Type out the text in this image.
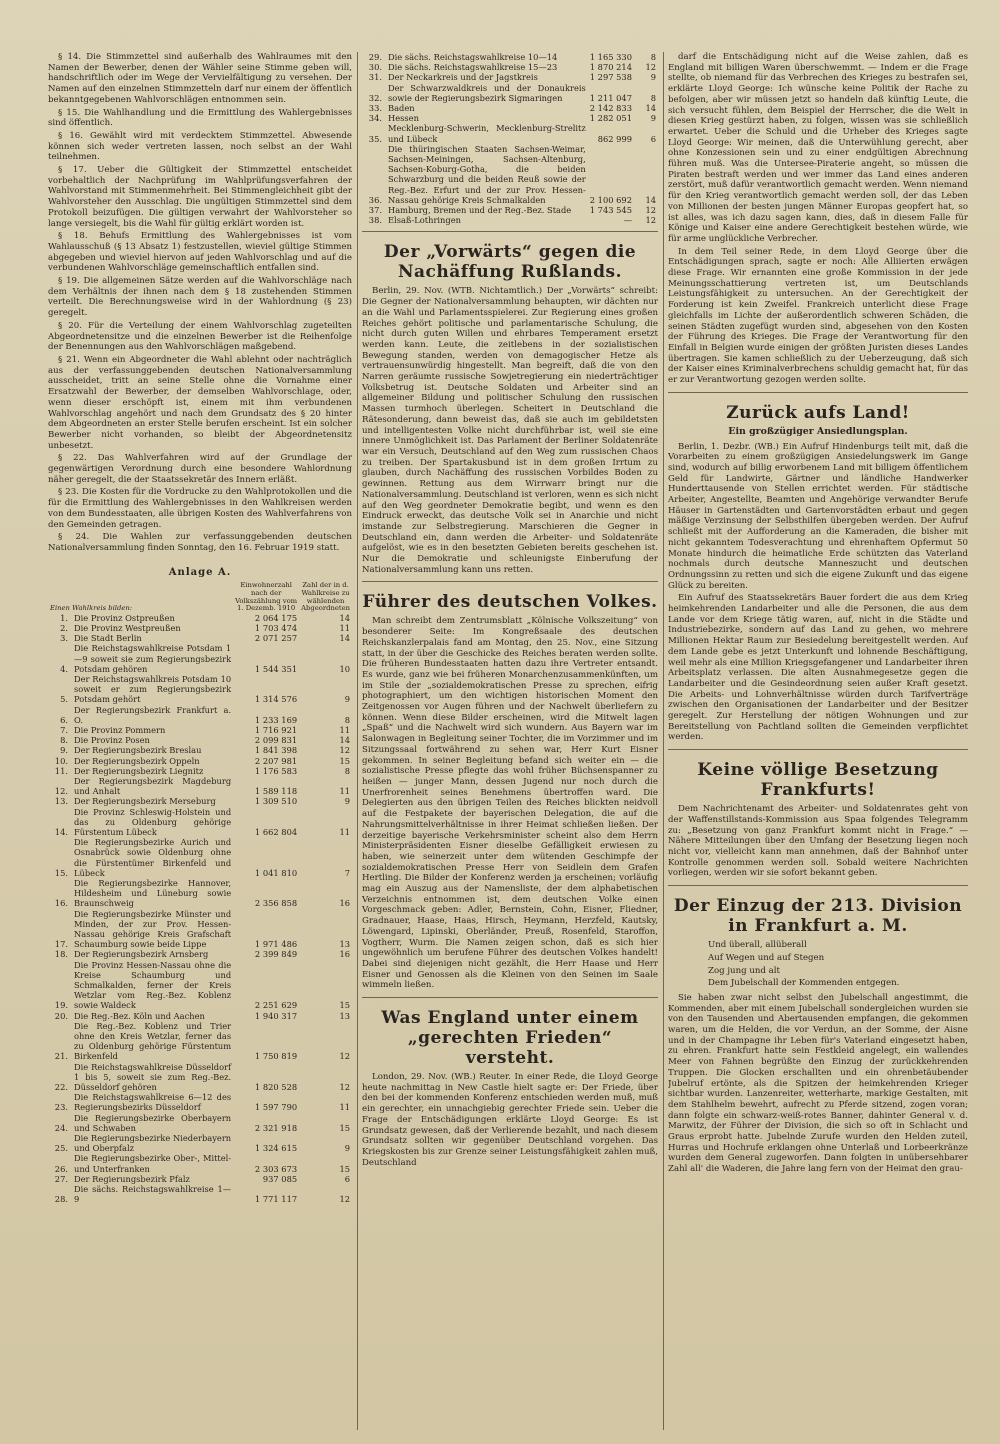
§ 14. Die Stimmzettel sind außerhalb des Wahlraumes mit den Namen der Bewerber, denen der Wähler seine Stimme geben will, handschriftlich oder im Wege der Vervielfältigung zu versehen. Der Namen auf den einzelnen Stimmzetteln darf nur einem der öffentlich bekanntgegebenen Wahlvorschlägen entnommen sein.

§ 15. Die Wahlhandlung und die Ermittlung des Wahlergebnisses sind öffentlich.

§ 16. Gewählt wird mit verdecktem Stimmzettel. Abwesende können sich weder vertreten lassen, noch selbst an der Wahl teilnehmen.

§ 17. Ueber die Gültigkeit der Stimmzettel entscheidet vorbehaltlich der Nachprüfung im Wahlprüfungsverfahren der Wahlvorstand mit Stimmenmehrheit. Bei Stimmengleichheit gibt der Wahlvorsteher den Ausschlag. Die ungültigen Stimmzettel sind dem Protokoll beizufügen. Die gültigen verwahrt der Wahlvorsteher so lange versiegelt, bis die Wahl für gültig erklärt worden ist.

§ 18. Behufs Ermittlung des Wahlergebnisses ist vom Wahlausschuß (§ 13 Absatz 1) festzustellen, wieviel gültige Stimmen abgegeben und wieviel hiervon auf jeden Wahlvorschlag und auf die verbundenen Wahlvorschläge gemeinschaftlich entfallen sind.

§ 19. Die allgemeinen Sätze werden auf die Wahlvorschläge nach dem Verhältnis der ihnen nach dem § 18 zustehenden Stimmen verteilt. Die Berechnungsweise wird in der Wahlordnung (§ 23) geregelt.

§ 20. Für die Verteilung der einem Wahlvorschlag zugeteilten Abgeordnetensitze und die einzelnen Bewerber ist die Reihenfolge der Benennungen aus den Wahlvorschlägen maßgebend.

§ 21. Wenn ein Abgeordneter die Wahl ablehnt oder nachträglich aus der verfassunggebenden deutschen Nationalversammlung ausscheidet, tritt an seine Stelle ohne die Vornahme einer Ersatzwahl der Bewerber, der demselben Wahlvorschlage, oder, wenn dieser erschöpft ist, einem mit ihm verbundenen Wahlvorschlag angehört und nach dem Grundsatz des § 20 hinter dem Abgeordneten an erster Stelle berufen erscheint. Ist ein solcher Bewerber nicht vorhanden, so bleibt der Abgeordnetensitz unbesetzt.

§ 22. Das Wahlverfahren wird auf der Grundlage der gegenwärtigen Verordnung durch eine besondere Wahlordnung näher geregelt, die der Staatssekretär des Innern erläßt.

§ 23. Die Kosten für die Vordrucke zu den Wahlprotokollen und die für die Ermittlung des Wahlergebnisses in den Wahlkreisen werden von dem Bundesstaaten, alle übrigen Kosten des Wahlverfahrens von den Gemeinden getragen.

§ 24. Die Wahlen zur verfassunggebenden deutschen Nationalversammlung finden Sonntag, den 16. Februar 1919 statt.

Anlage A.
Einen Wahlkreis bilden:		Einwohnerzahl nach der Volkszählung vom 1. Dezemb. 1910	Zahl der in d. Wahlkreise zu wählenden Abgeordneten
1.	Die Provinz Ostpreußen	2 064 175	14
2.	Die Provinz Westpreußen	1 703 474	11
3.	Die Stadt Berlin	2 071 257	14
4.	Die Reichstagswahlkreise Potsdam 1—9 soweit sie zum Regierungsbezirk Potsdam gehören	1 544 351	10
5.	Der Reichstagswahlkreis Potsdam 10 soweit er zum Regierungsbezirk Potsdam gehört	1 314 576	9
6.	Der Regierungsbezirk Frankfurt a. O.	1 233 169	8
7.	Die Provinz Pommern	1 716 921	11
8.	Die Provinz Posen	2 099 831	14
9.	Der Regierungsbezirk Breslau	1 841 398	12
10.	Der Regierungsbezirk Oppeln	2 207 981	15
11.	Der Regierungsbezirk Liegnitz	1 176 583	8
12.	Der Regierungsbezirk Magdeburg und Anhalt	1 589 118	11
13.	Der Regierungsbezirk Merseburg	1 309 510	9
14.	Die Provinz Schleswig-Holstein und das zu Oldenburg gehörige Fürstentum Lübeck	1 662 804	11
15.	Die Regierungsbezirke Aurich und Osnabrück sowie Oldenburg ohne die Fürstentümer Birkenfeld und Lübeck	1 041 810	7
16.	Die Regierungsbezirke Hannover, Hildesheim und Lüneburg sowie Braunschweig	2 356 858	16
17.	Die Regierungsbezirke Münster und Minden, der zur Prov. Hessen-Nassau gehörige Kreis Grafschaft Schaumburg sowie beide Lippe	1 971 486	13
18.	Der Regierungsbezirk Arnsberg	2 399 849	16
19.	Die Provinz Hessen-Nassau ohne die Kreise Schaumburg und Schmalkalden, ferner der Kreis Wetzlar vom Reg.-Bez. Koblenz sowie Waldeck	2 251 629	15
20.	Die Reg.-Bez. Köln und Aachen	1 940 317	13
21.	Die Reg.-Bez. Koblenz und Trier ohne den Kreis Wetzlar, ferner das zu Oldenburg gehörige Fürstentum Birkenfeld	1 750 819	12
22.	Die Reichstagswahlkreise Düsseldorf 1 bis 5, soweit sie zum Reg.-Bez. Düsseldorf gehören	1 820 528	12
23.	Die Reichstagswahlkreise 6—12 des Regierungsbezirks Düsseldorf	1 597 790	11
24.	Die Regierungsbezirke Oberbayern und Schwaben	2 321 918	15
25.	Die Regierungsbezirke Niederbayern und Oberpfalz	1 324 615	9
26.	Die Regierungsbezirke Ober-, Mittel- und Unterfranken	2 303 673	15
27.	Der Regierungsbezirk Pfalz	937 085	6
28.	Die sächs. Reichstagswahlkreise 1—9	1 771 117	12
29.	Die sächs. Reichstagswahlkreise 10—14	1 165 330	8
30.	Die sächs. Reichstagswahlkreise 15—23	1 870 214	12
31.	Der Neckarkreis und der Jagstkreis	1 297 538	9
32.	Der Schwarzwaldkreis und der Donaukreis sowie der Regierungsbezirk Sigmaringen	1 211 047	8
33.	Baden	2 142 833	14
34.	Hessen	1 282 051	9
35.	Mecklenburg-Schwerin, Mecklenburg-Strelitz und Lübeck	862 999	6
36.	Die thüringischen Staaten Sachsen-Weimar, Sachsen-Meiningen, Sachsen-Altenburg, Sachsen-Koburg-Gotha, die beiden Schwarzburg und die beiden Reuß sowie der Reg.-Bez. Erfurt und der zur Prov. Hessen-Nassau gehörige Kreis Schmalkalden	2 100 692	14
37.	Hamburg, Bremen und der Reg.-Bez. Stade	1 743 545	12
38.	Elsaß-Lothringen	—	12
Der „Vorwärts“ gegen die Nachäffung Rußlands.

Berlin, 29. Nov. (WTB. Nichtamtlich.) Der „Vorwärts“ schreibt: Die Gegner der Nationalversammlung behaupten, wir dächten nur an die Wahl und Parlamentsspielerei. Zur Regierung eines großen Reiches gehört politische und parlamentarische Schulung, die nicht durch guten Willen und ehrbares Temperament ersetzt werden kann. Leute, die zeitlebens in der sozialistischen Bewegung standen, werden von demagogischer Hetze als vertrauensunwürdig hingestellt. Man begreift, daß die von den Narren geräumte russische Sowjetregierung ein niederträchtiger Volksbetrug ist. Deutsche Soldaten und Arbeiter sind an allgemeiner Bildung und politischer Schulung den russischen Massen turmhoch überlegen. Scheitert in Deutschland die Rätesonderung, dann beweist das, daß sie auch im gebildetsten und intelligentesten Volke nicht durchführbar ist, weil sie eine innere Unmöglichkeit ist. Das Parlament der Berliner Soldatenräte war ein Versuch, Deutschland auf den Weg zum russischen Chaos zu treiben. Der Spartakusbund ist in dem großen Irrtum zu glauben, durch Nachäffung des russischen Vorbildes Boden zu gewinnen. Rettung aus dem Wirrwarr bringt nur die Nationalversammlung. Deutschland ist verloren, wenn es sich nicht auf den Weg geordneter Demokratie begibt, und wenn es den Eindruck erweckt, das deutsche Volk sei in Anarchie und nicht imstande zur Selbstregierung. Marschieren die Gegner in Deutschland ein, dann werden die Arbeiter- und Soldatenräte aufgelöst, wie es in den besetzten Gebieten bereits geschehen ist. Nur die Demokratie und schleunigste Einberufung der Nationalversammlung kann uns retten.

Führer des deutschen Volkes.

Man schreibt dem Zentrumsblatt „Kölnische Volkszeitung“ von besonderer Seite: Im Kongreßsaale des deutschen Reichskanzlerpalais fand am Montag, den 25. Nov., eine Sitzung statt, in der über die Geschicke des Reiches beraten werden sollte. Die früheren Bundesstaaten hatten dazu ihre Vertreter entsandt. Es wurde, ganz wie bei früheren Monarchenzusammenkünften, um im Stile der „sozialdemokratischen Presse zu sprechen, eifrig photographiert, um den wichtigen historischen Moment den Zeitgenossen vor Augen führen und der Nachwelt überliefern zu können. Wenn diese Bilder erscheinen, wird die Mitwelt lagen „Spaß“ und die Nachwelt wird sich wundern. Aus Bayern war im Salonwagen in Begleitung seiner Tochter, die im Vorzimmer und im Sitzungssaal fortwährend zu sehen war, Herr Kurt Eisner gekommen. In seiner Begleitung befand sich weiter ein — die sozialistische Presse pflegte das wohl früher Büchsenspanner zu heißen — junger Mann, dessen Jugend nur noch durch die Unerfrorenheit seines Benehmens übertroffen ward. Die Delegierten aus den übrigen Teilen des Reiches blickten neidvoll auf die Festpakete der bayerischen Delegation, die auf die Nahrungsmittelverhältnisse in ihrer Heimat schließen ließen. Der derzeitige bayerische Verkehrsminister scheint also dem Herrn Ministerpräsidenten Eisner dieselbe Gefälligkeit erwiesen zu haben, wie seinerzeit unter dem wütenden Geschimpfe der sozialdemokratischen Presse Herr von Seidlein dem Grafen Hertling. Die Bilder der Konferenz werden ja erscheinen; vorläufig mag ein Auszug aus der Namensliste, der dem alphabetischen Verzeichnis entnommen ist, dem deutschen Volke einen Vorgeschmack geben: Adler, Bernstein, Cohn, Eisner, Fliedner, Gradnauer, Haase, Haas, Hirsch, Heymann, Herzfeld, Kautsky, Löwengard, Lipinski, Oberländer, Preuß, Rosenfeld, Staroffon, Vogtherr, Wurm. Die Namen zeigen schon, daß es sich hier ungewöhnlich um berufene Führer des deutschen Volkes handelt! Dabei sind diejenigen nicht gezählt, die Herr Haase und Herr Eisner und Genossen als die Kleinen von den Seinen im Saale wimmeln ließen.

Was England unter einem „gerechten Frieden“ versteht.

London, 29. Nov. (WB.) Reuter. In einer Rede, die Lloyd George heute nachmittag in New Castle hielt sagte er: Der Friede, über den bei der kommenden Konferenz entschieden werden muß, muß ein gerechter, ein unnachgiebig gerechter Friede sein. Ueber die Frage der Entschädigungen erklärte Lloyd George: Es ist Grundsatz gewesen, daß der Verlierende bezahlt, und nach diesem Grundsatz sollten wir gegenüber Deutschland vorgehen. Das Kriegskosten bis zur Grenze seiner Leistungsfähigkeit zahlen muß, Deutschland

darf die Entschädigung nicht auf die Weise zahlen, daß es England mit billigen Waren überschwemmt. — Indem er die Frage stellte, ob niemand für das Verbrechen des Krieges zu bestrafen sei, erklärte Lloyd George: Ich wünsche keine Politik der Rache zu befolgen, aber wir müssen jetzt so handeln daß künftig Leute, die sich versucht fühlen, dem Beispiel der Herrscher, die die Welt in diesen Krieg gestürzt haben, zu folgen, wissen was sie schließlich erwartet. Ueber die Schuld und die Urheber des Krieges sagte Lloyd George: Wir meinen, daß die Unterwühlung gerecht, aber ohne Konzessionen sein und zu einer endgültigen Abrechnung führen muß. Was die Untersee-Piraterie angeht, so müssen die Piraten bestraft werden und wer immer das Land eines anderen zerstört, muß dafür verantwortlich gemacht werden. Wenn niemand für den Krieg verantwortlich gemacht werden soll, der das Leben von Millionen der besten jungen Männer Europas geopfert hat, so ist alles, was ich dazu sagen kann, dies, daß in diesem Falle für Könige und Kaiser eine andere Gerechtigkeit bestehen würde, wie für arme unglückliche Verbrecher.

In dem Teil seiner Rede, in dem Lloyd George über die Entschädigungen sprach, sagte er noch: Alle Alliierten erwägen diese Frage. Wir ernannten eine große Kommission in der jede Meinungsschattierung vertreten ist, um Deutschlands Leistungsfähigkeit zu untersuchen. An der Gerechtigkeit der Forderung ist kein Zweifel. Frankreich unterlicht diese Frage gleichfalls im Lichte der außerordentlich schweren Schäden, die seinen Städten zugefügt wurden sind, abgesehen von den Kosten der Führung des Krieges. Die Frage der Verantwortung für den Einfall in Belgien wurde einigen der größten Juristen dieses Landes übertragen. Sie kamen schließlich zu der Ueberzeugung, daß sich der Kaiser eines Kriminalverbrechens schuldig gemacht hat, für das er zur Verantwortung gezogen werden sollte.

Zurück aufs Land!
Ein großzügiger Ansiedlungsplan.

Berlin, 1. Dezbr. (WB.) Ein Aufruf Hindenburgs teilt mit, daß die Vorarbeiten zu einem großzügigen Ansiedelungswerk im Gange sind, wodurch auf billig erworbenem Land mit billigem öffentlichem Geld für Landwirte, Gärtner und ländliche Handwerker Hunderttausende von Stellen errichtet werden. Für städtische Arbeiter, Angestellte, Beamten und Angehörige verwandter Berufe Häuser in Gartenstädten und Gartenvorstädten erbaut und gegen mäßige Verzinsung der Selbsthilfen übergeben werden. Der Aufruf schließt mit der Aufforderung an die Kameraden, die bisher mit nicht gekanntem Todesverachtung und ehrenhaftem Opfermut 50 Monate hindurch die heimatliche Erde schützten das Vaterland nochmals durch deutsche Manneszucht und deutschen Ordnungssinn zu retten und sich die eigene Zukunft und das eigene Glück zu bereiten.

Ein Aufruf des Staatssekretärs Bauer fordert die aus dem Krieg heimkehrenden Landarbeiter und alle die Personen, die aus dem Lande vor dem Kriege tätig waren, auf, nicht in die Städte und Industriebezirke, sondern auf das Land zu gehen, wo mehrere Millionen Hektar Raum zur Besiedelung bereitgestellt werden. Auf dem Lande gebe es jetzt Unterkunft und lohnende Beschäftigung, weil mehr als eine Million Kriegsgefangener und Landarbeiter ihren Arbeitsplatz verlassen. Die alten Ausnahmegesetze gegen die Landarbeiter und die Gesindeordnung seien außer Kraft gesetzt. Die Arbeits- und Lohnverhältnisse würden durch Tarifverträge zwischen den Organisationen der Landarbeiter und der Besitzer geregelt. Zur Herstellung der nötigen Wohnungen und zur Bereitstellung von Pachtland sollten die Gemeinden verpflichtet werden.

Keine völlige Besetzung Frankfurts!

Dem Nachrichtenamt des Arbeiter- und Soldatenrates geht von der Waffenstillstands-Kommission aus Spaa folgendes Telegramm zu: „Besetzung von ganz Frankfurt kommt nicht in Frage.“ — Nähere Mitteilungen über den Umfang der Besetzung liegen noch nicht vor, vielleicht kann man annehmen, daß der Bahnhof unter Kontrolle genommen werden soll. Sobald weitere Nachrichten vorliegen, werden wir sie sofort bekannt geben.

Der Einzug der 213. Division in Frankfurt a. M.

Und überall, allüberall

Auf Wegen und auf Stegen

Zog jung und alt

Dem Jubelschall der Kommenden entgegen.

Sie haben zwar nicht selbst den Jubelschall angestimmt, die Kommenden, aber mit einem Jubelschall sondergleichen wurden sie von den Tausenden und Abertausenden empfangen, die gekommen waren, um die Helden, die vor Verdun, an der Somme, der Aisne und in der Champagne ihr Leben für's Vaterland eingesetzt haben, zu ehren. Frankfurt hatte sein Festkleid angelegt, ein wallendes Meer von Fahnen begrüßte den Einzug der zurückkehrenden Truppen. Die Glocken erschallten und ein ohrenbetäubender Jubelruf ertönte, als die Spitzen der heimkehrenden Krieger sichtbar wurden. Lanzenreiter, wetterharte, markige Gestalten, mit dem Stahlhelm bewehrt, aufrecht zu Pferde sitzend, zogen voran; dann folgte ein schwarz-weiß-rotes Banner, dahinter General v. d. Marwitz, der Führer der Division, die sich so oft in Schlacht und Graus erprobt hatte. Jubelnde Zurufe wurden den Helden zuteil, Hurras und Hochrufe erklangen ohne Unterlaß und Lorbeerkränze wurden dem General zugeworfen. Dann folgten in unübersehbarer Zahl all' die Waderen, die Jahre lang fern von der Heimat den grau-
